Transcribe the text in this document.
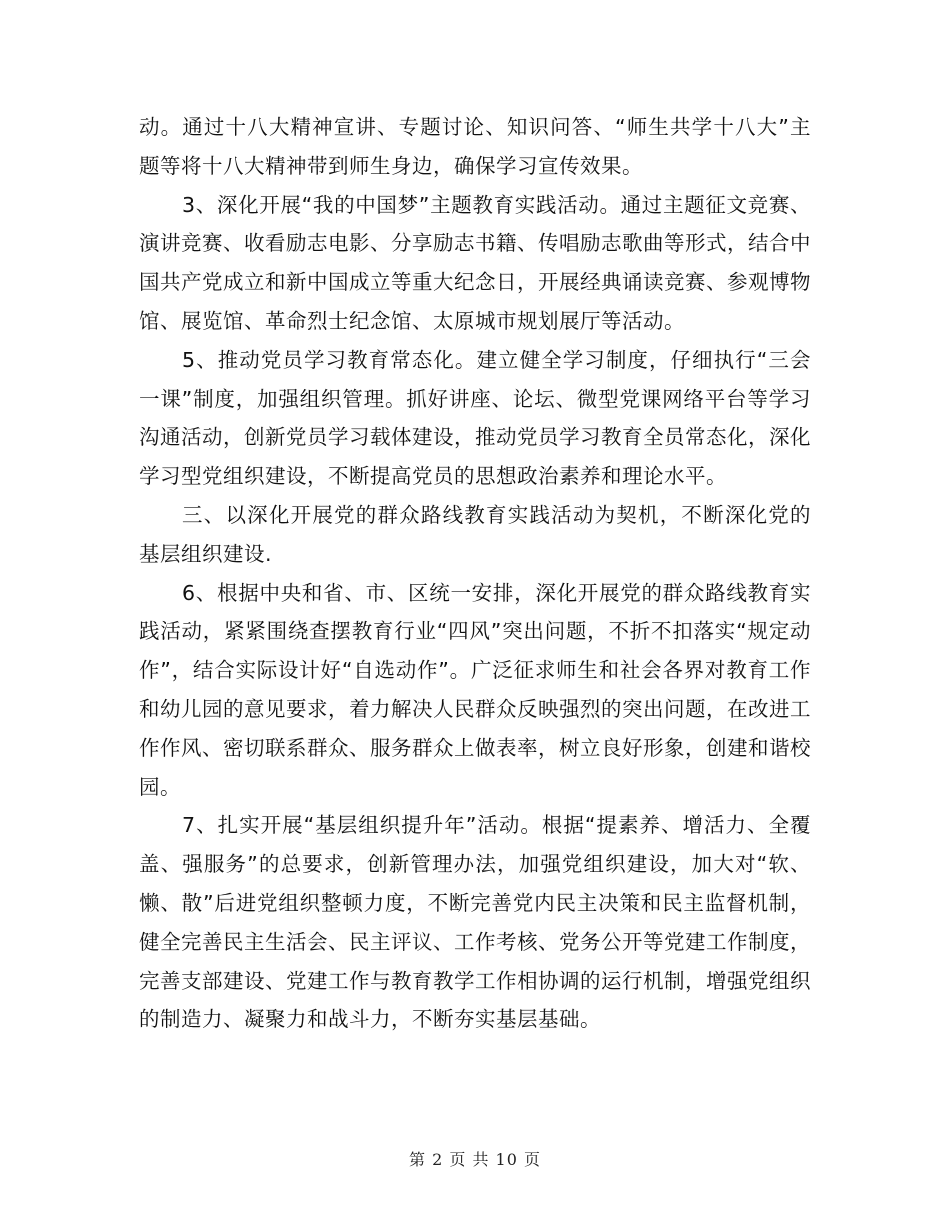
动。通过十八大精神宣讲、专题讨论、知识问答、“师生共学十八大”主题等将十八大精神带到师生身边，确保学习宣传效果。

3、深化开展“我的中国梦”主题教育实践活动。通过主题征文竞赛、演讲竞赛、收看励志电影、分享励志书籍、传唱励志歌曲等形式，结合中国共产党成立和新中国成立等重大纪念日，开展经典诵读竞赛、参观博物馆、展览馆、革命烈士纪念馆、太原城市规划展厅等活动。

5、推动党员学习教育常态化。建立健全学习制度，仔细执行“三会一课”制度，加强组织管理。抓好讲座、论坛、微型党课网络平台等学习沟通活动，创新党员学习载体建设，推动党员学习教育全员常态化，深化学习型党组织建设，不断提高党员的思想政治素养和理论水平。

三、以深化开展党的群众路线教育实践活动为契机，不断深化党的基层组织建设.

6、根据中央和省、市、区统一安排，深化开展党的群众路线教育实践活动，紧紧围绕查摆教育行业“四风”突出问题，不折不扣落实“规定动作”，结合实际设计好“自选动作”。广泛征求师生和社会各界对教育工作和幼儿园的意见要求，着力解决人民群众反映强烈的突出问题，在改进工作作风、密切联系群众、服务群众上做表率，树立良好形象，创建和谐校园。

7、扎实开展“基层组织提升年”活动。根据“提素养、增活力、全覆盖、强服务”的总要求，创新管理办法，加强党组织建设，加大对“软、懒、散”后进党组织整顿力度，不断完善党内民主决策和民主监督机制，健全完善民主生活会、民主评议、工作考核、党务公开等党建工作制度，完善支部建设、党建工作与教育教学工作相协调的运行机制，增强党组织的制造力、凝聚力和战斗力，不断夯实基层基础。

第 2 页 共 10 页
